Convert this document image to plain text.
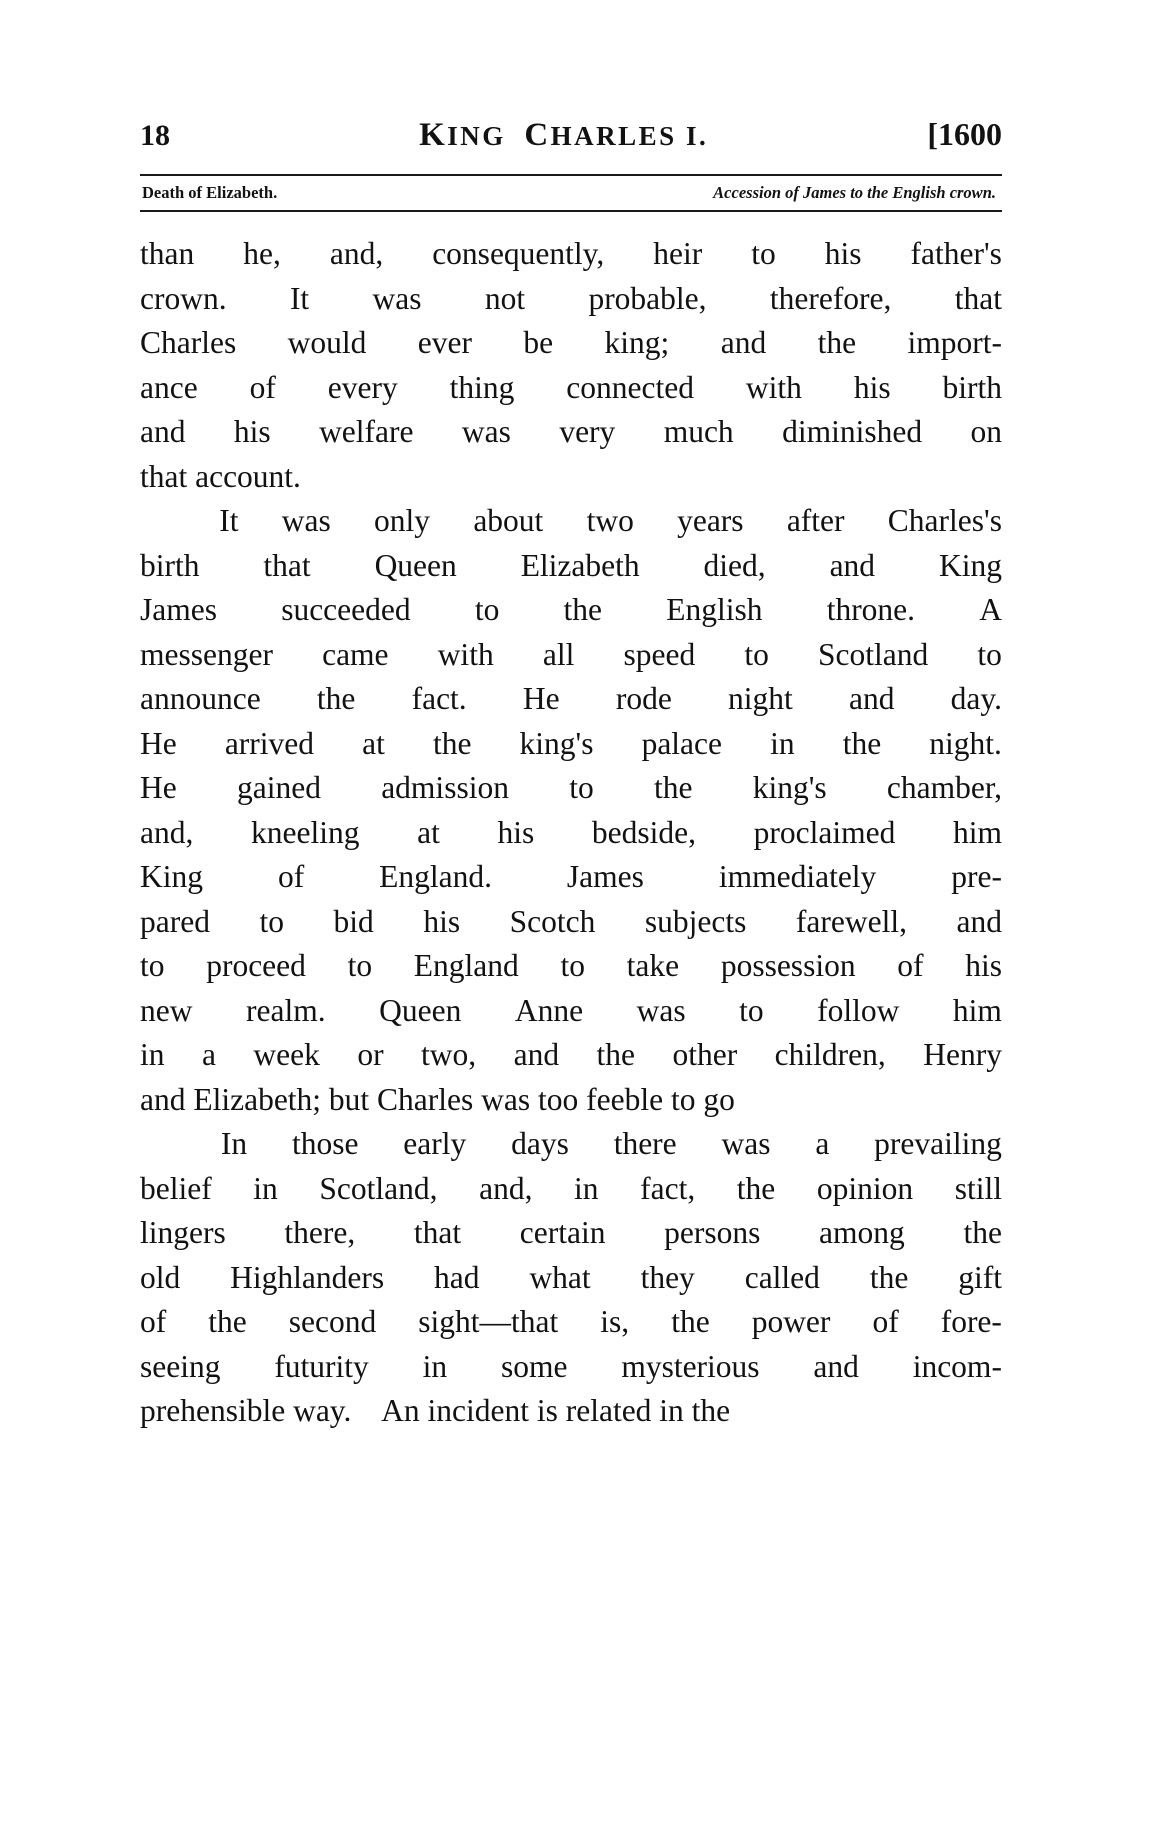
18	KING CHARLES I.	[1600
Death of Elizabeth.	Accession of James to the English crown.

than he, and, consequently, heir to his father's
crown. It was not probable, therefore, that
Charles would ever be king; and the import-
ance of every thing connected with his birth
and his welfare was very much diminished on
that account.

It was only about two years after Charles's
birth that Queen Elizabeth died, and King
James succeeded to the English throne. A
messenger came with all speed to Scotland to
announce the fact. He rode night and day.
He arrived at the king's palace in the night.
He gained admission to the king's chamber,
and, kneeling at his bedside, proclaimed him
King of England. James immediately pre-
pared to bid his Scotch subjects farewell, and
to proceed to England to take possession of his
new realm. Queen Anne was to follow him
in a week or two, and the other children, Henry
and Elizabeth; but Charles was too feeble to go

In those early days there was a prevailing
belief in Scotland, and, in fact, the opinion still
lingers there, that certain persons among the
old Highlanders had what they called the gift
of the second sight—that is, the power of fore-
seeing futurity in some mysterious and incom-
prehensible way.    An incident is related in the
